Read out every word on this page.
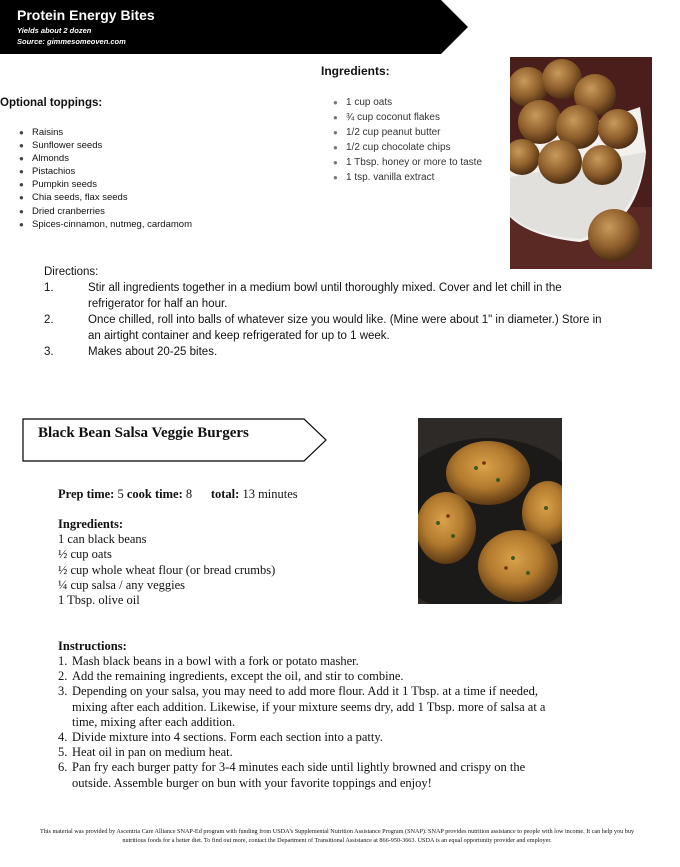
Protein Energy Bites
Yields about 2 dozen
Source: gimmesomeoven.com
Ingredients:
● 1 cup oats
● ¾ cup coconut flakes
● 1/2 cup peanut butter
● 1/2 cup chocolate chips
● 1 Tbsp. honey or more to taste
● 1 tsp. vanilla extract
Optional toppings:
● Raisins
● Sunflower seeds
● Almonds
● Pistachios
● Pumpkin seeds
● Chia seeds, flax seeds
● Dried cranberries
● Spices-cinnamon, nutmeg, cardamom
Directions:
1.	Stir all ingredients together in a medium bowl until thoroughly mixed. Cover and let chill in the refrigerator for half an hour.
2.	Once chilled, roll into balls of whatever size you would like. (Mine were about 1" in diameter.) Store in an airtight container and keep refrigerated for up to 1 week.
3.	Makes about 20-25 bites.
Black Bean Salsa Veggie Burgers
Prep time: 5 cook time: 8 total: 13 minutes
Ingredients:
1 can black beans
½ cup oats
½ cup whole wheat flour (or bread crumbs)
¼ cup salsa / any veggies
1 Tbsp. olive oil
Instructions:
1. Mash black beans in a bowl with a fork or potato masher.
2. Add the remaining ingredients, except the oil, and stir to combine.
3. Depending on your salsa, you may need to add more flour. Add it 1 Tbsp. at a time if needed, mixing after each addition. Likewise, if your mixture seems dry, add 1 Tbsp. more of salsa at a time, mixing after each addition.
4. Divide mixture into 4 sections. Form each section into a patty.
5. Heat oil in pan on medium heat.
6. Pan fry each burger patty for 3-4 minutes each side until lightly browned and crispy on the outside. Assemble burger on bun with your favorite toppings and enjoy!
This material was provided by Ascentria Care Alliance SNAP-Ed program with funding from USDA's Supplemental Nutrition Assistance Program (SNAP). SNAP provides nutrition assistance to people with low income. It can help you buy nutritious foods for a better diet. To find out more, contact the Department of Transitional Assistance at 866-950-3663. USDA is an equal opportunity provider and employer.
